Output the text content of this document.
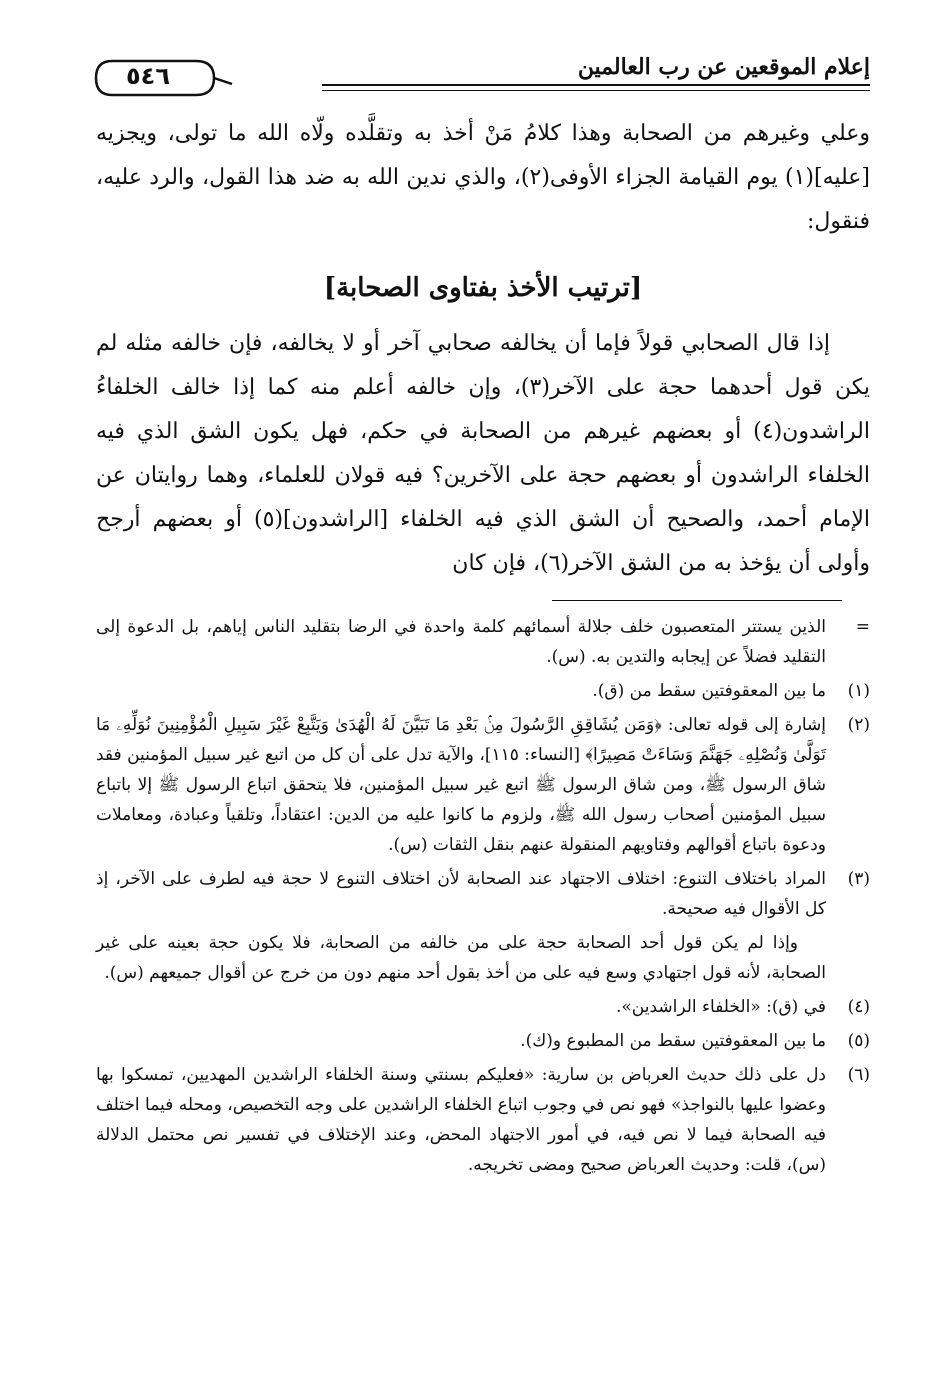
إعلام الموقعين عن رب العالمين
٥٤٦

وعلي وغيرهم من الصحابة وهذا كلامُ مَنْ أخذ به وتقلَّده ولّاه الله ما تولى، ويجزيه [عليه](١) يوم القيامة الجزاء الأوفى(٢)، والذي ندين الله به ضد هذا القول، والرد عليه، فنقول:

[ترتيب الأخذ بفتاوى الصحابة]

إذا قال الصحابي قولاً فإما أن يخالفه صحابي آخر أو لا يخالفه، فإن خالفه مثله لم يكن قول أحدهما حجة على الآخر(٣)، وإن خالفه أعلم منه كما إذا خالف الخلفاءُ الراشدون(٤) أو بعضهم غيرهم من الصحابة في حكم، فهل يكون الشق الذي فيه الخلفاء الراشدون أو بعضهم حجة على الآخرين؟ فيه قولان للعلماء، وهما روايتان عن الإمام أحمد، والصحيح أن الشق الذي فيه الخلفاء [الراشدون](٥) أو بعضهم أرجح وأولى أن يؤخذ به من الشق الآخر(٦)، فإن كان

=
الذين يستتر المتعصبون خلف جلالة أسمائهم كلمة واحدة في الرضا بتقليد الناس إياهم، بل الدعوة إلى التقليد فضلاً عن إيجابه والتدين به. (س).
(١)
ما بين المعقوفتين سقط من (ق).
(٢)
إشارة إلى قوله تعالى: ﴿وَمَن يُشَاقِقِ الرَّسُولَ مِنۢ بَعْدِ مَا تَبَيَّنَ لَهُ الْهُدَىٰ وَيَتَّبِعْ غَيْرَ سَبِيلِ الْمُؤْمِنِينَ نُوَلِّهِۦ مَا تَوَلَّىٰ وَنُصْلِهِۦ جَهَنَّمَ وَسَاءَتْ مَصِيرًا﴾ [النساء: ١١٥]، والآية تدل على أن كل من اتبع غير سبيل المؤمنين فقد شاق الرسول ﷺ، ومن شاق الرسول ﷺ اتبع غير سبيل المؤمنين، فلا يتحقق اتباع الرسول ﷺ إلا باتباع سبيل المؤمنين أصحاب رسول الله ﷺ، ولزوم ما كانوا عليه من الدين: اعتقاداً، وتلقياً وعبادة، ومعاملات ودعوة باتباع أقوالهم وفتاويهم المنقولة عنهم بنقل الثقات (س).
(٣)
المراد باختلاف التنوع: اختلاف الاجتهاد عند الصحابة لأن اختلاف التنوع لا حجة فيه لطرف على الآخر، إذ كل الأقوال فيه صحيحة.
وإذا لم يكن قول أحد الصحابة حجة على من خالفه من الصحابة، فلا يكون حجة بعينه على غير الصحابة، لأنه قول اجتهادي وسع فيه على من أخذ بقول أحد منهم دون من خرج عن أقوال جميعهم (س).
(٤)
في (ق): «الخلفاء الراشدين».
(٥)
ما بين المعقوفتين سقط من المطبوع و(ك).
(٦)
دل على ذلك حديث العرباض بن سارية: «فعليكم بسنتي وسنة الخلفاء الراشدين المهديين، تمسكوا بها وعضوا عليها بالنواجذ» فهو نص في وجوب اتباع الخلفاء الراشدين على وجه التخصيص، ومحله فيما اختلف فيه الصحابة فيما لا نص فيه، في أمور الاجتهاد المحض، وعند الإختلاف في تفسير نص محتمل الدلالة (س)، قلت: وحديث العرباض صحيح ومضى تخريجه.
